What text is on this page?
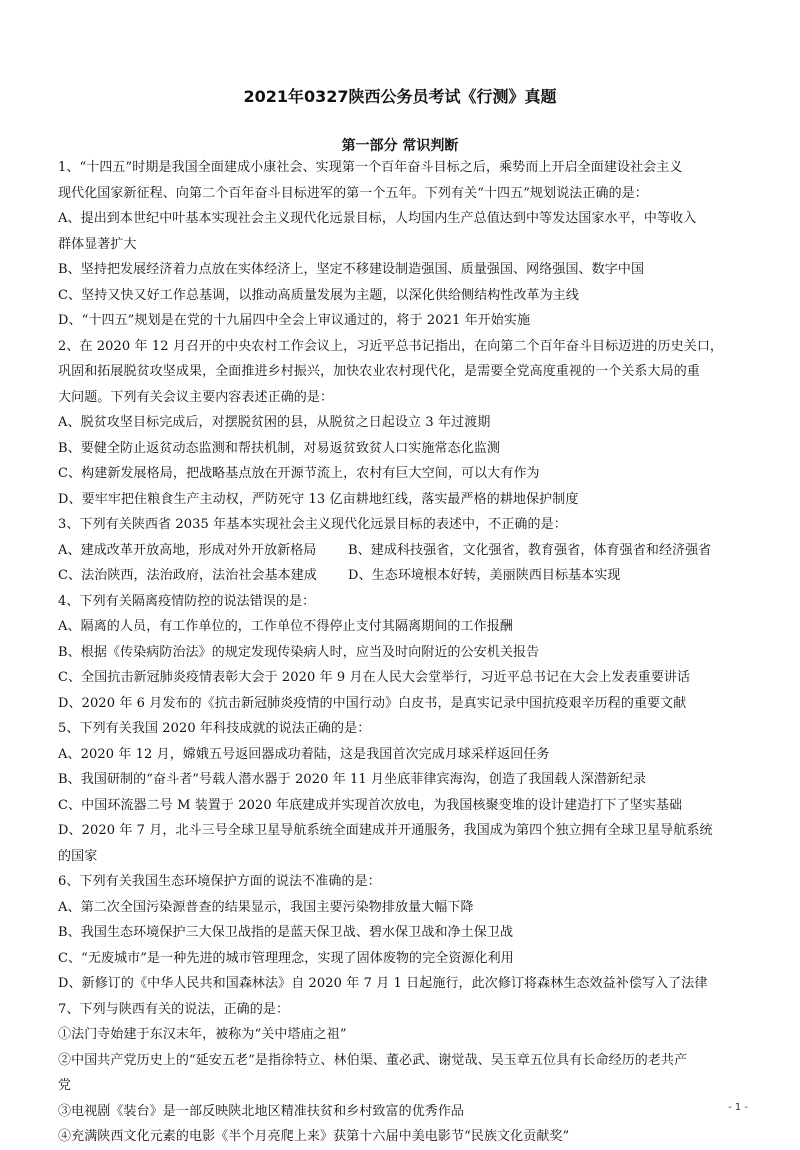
2021年0327陕西公务员考试《行测》真题
第一部分 常识判断
1、“十四五”时期是我国全面建成小康社会、实现第一个百年奋斗目标之后，乘势而上开启全面建设社会主义
现代化国家新征程、向第二个百年奋斗目标进军的第一个五年。下列有关“十四五”规划说法正确的是：
A、提出到本世纪中叶基本实现社会主义现代化远景目标，人均国内生产总值达到中等发达国家水平，中等收入
群体显著扩大
B、坚持把发展经济着力点放在实体经济上，坚定不移建设制造强国、质量强国、网络强国、数字中国
C、坚持又快又好工作总基调，以推动高质量发展为主题，以深化供给侧结构性改革为主线
D、“十四五”规划是在党的十九届四中全会上审议通过的，将于 2021 年开始实施
2、在 2020 年 12 月召开的中央农村工作会议上，习近平总书记指出，在向第二个百年奋斗目标迈进的历史关口，
巩固和拓展脱贫攻坚成果，全面推进乡村振兴，加快农业农村现代化，是需要全党高度重视的一个关系大局的重
大问题。下列有关会议主要内容表述正确的是：
A、脱贫攻坚目标完成后，对摆脱贫困的县，从脱贫之日起设立 3 年过渡期
B、要健全防止返贫动态监测和帮扶机制，对易返贫致贫人口实施常态化监测
C、构建新发展格局，把战略基点放在开源节流上，农村有巨大空间，可以大有作为
D、要牢牢把住粮食生产主动权，严防死守 13 亿亩耕地红线，落实最严格的耕地保护制度
3、下列有关陕西省 2035 年基本实现社会主义现代化远景目标的表述中，不正确的是：
A、建成改革开放高地，形成对外开放新格局	B、建成科技强省，文化强省，教育强省，体育强省和经济强省
C、法治陕西，法治政府，法治社会基本建成	D、生态环境根本好转，美丽陕西目标基本实现
4、下列有关隔离疫情防控的说法错误的是：
A、隔离的人员，有工作单位的，工作单位不得停止支付其隔离期间的工作报酬
B、根据《传染病防治法》的规定发现传染病人时，应当及时向附近的公安机关报告
C、全国抗击新冠肺炎疫情表彰大会于 2020 年 9 月在人民大会堂举行，习近平总书记在大会上发表重要讲话
D、2020 年 6 月发布的《抗击新冠肺炎疫情的中国行动》白皮书，是真实记录中国抗疫艰辛历程的重要文献
5、下列有关我国 2020 年科技成就的说法正确的是：
A、2020 年 12 月，嫦娥五号返回器成功着陆，这是我国首次完成月球采样返回任务
B、我国研制的“奋斗者”号载人潜水器于 2020 年 11 月坐底菲律宾海沟，创造了我国载人深潜新纪录
C、中国环流器二号 M 装置于 2020 年底建成并实现首次放电，为我国核聚变堆的设计建造打下了坚实基础
D、2020 年 7 月，北斗三号全球卫星导航系统全面建成并开通服务，我国成为第四个独立拥有全球卫星导航系统
的国家
6、下列有关我国生态环境保护方面的说法不准确的是：
A、第二次全国污染源普查的结果显示，我国主要污染物排放量大幅下降
B、我国生态环境保护三大保卫战指的是蓝天保卫战、碧水保卫战和净土保卫战
C、“无废城市”是一种先进的城市管理理念，实现了固体废物的完全资源化利用
D、新修订的《中华人民共和国森林法》自 2020 年 7 月 1 日起施行，此次修订将森林生态效益补偿写入了法律
7、下列与陕西有关的说法，正确的是：
①法门寺始建于东汉末年，被称为“关中塔庙之祖”
②中国共产党历史上的“延安五老”是指徐特立、林伯渠、董必武、谢觉哉、吴玉章五位具有长命经历的老共产
党
③电视剧《装台》是一部反映陕北地区精准扶贫和乡村致富的优秀作品
④充满陕西文化元素的电影《半个月亮爬上来》获第十六届中美电影节“民族文化贡献奖”
- 1 -
